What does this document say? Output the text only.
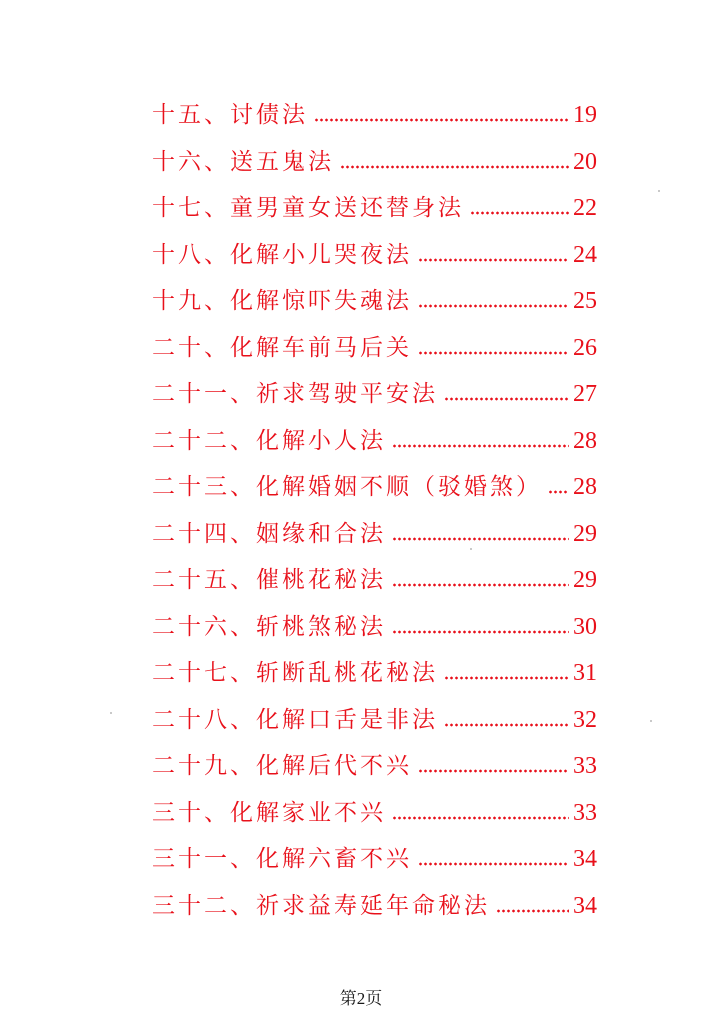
十五、讨债法	19
十六、送五鬼法	20
十七、童男童女送还替身法	22
十八、化解小儿哭夜法	24
十九、化解惊吓失魂法	25
二十、化解车前马后关	26
二十一、祈求驾驶平安法	27
二十二、化解小人法	28
二十三、化解婚姻不顺（驳婚煞） 28
二十四、姻缘和合法	29
二十五、催桃花秘法	29
二十六、斩桃煞秘法	30
二十七、斩断乱桃花秘法	31
二十八、化解口舌是非法	32
二十九、化解后代不兴	33
三十、化解家业不兴	33
三十一、化解六畜不兴	34
三十二、祈求益寿延年命秘法	34
第2页
